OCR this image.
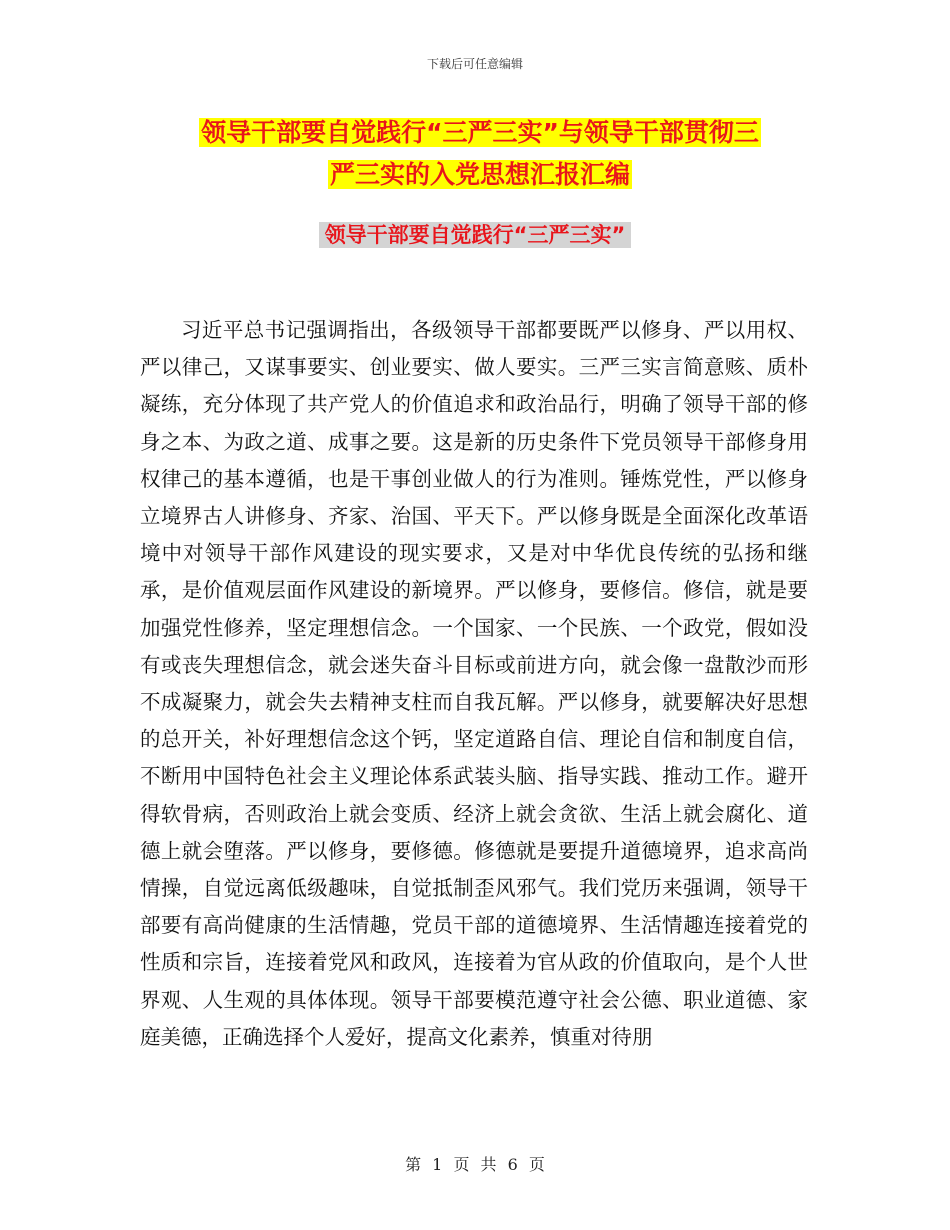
下载后可任意编辑
领导干部要自觉践行“三严三实”与领导干部贯彻三
严三实的入党思想汇报汇编
领导干部要自觉践行“三严三实”

习近平总书记强调指出，各级领导干部都要既严以修身、严以用权、严以律己，又谋事要实、创业要实、做人要实。三严三实言简意赅、质朴凝练，充分体现了共产党人的价值追求和政治品行，明确了领导干部的修身之本、为政之道、成事之要。这是新的历史条件下党员领导干部修身用权律己的基本遵循，也是干事创业做人的行为准则。锤炼党性，严以修身立境界古人讲修身、齐家、治国、平天下。严以修身既是全面深化改革语境中对领导干部作风建设的现实要求，又是对中华优良传统的弘扬和继承，是价值观层面作风建设的新境界。严以修身，要修信。修信，就是要加强党性修养，坚定理想信念。一个国家、一个民族、一个政党，假如没有或丧失理想信念，就会迷失奋斗目标或前进方向，就会像一盘散沙而形不成凝聚力，就会失去精神支柱而自我瓦解。严以修身，就要解决好思想的总开关，补好理想信念这个钙，坚定道路自信、理论自信和制度自信，不断用中国特色社会主义理论体系武装头脑、指导实践、推动工作。避开得软骨病，否则政治上就会变质、经济上就会贪欲、生活上就会腐化、道德上就会堕落。严以修身，要修德。修德就是要提升道德境界，追求高尚情操，自觉远离低级趣味，自觉抵制歪风邪气。我们党历来强调，领导干部要有高尚健康的生活情趣，党员干部的道德境界、生活情趣连接着党的性质和宗旨，连接着党风和政风，连接着为官从政的价值取向，是个人世界观、人生观的具体体现。领导干部要模范遵守社会公德、职业道德、家庭美德，正确选择个人爱好，提高文化素养，慎重对待朋

第 1 页 共 6 页
